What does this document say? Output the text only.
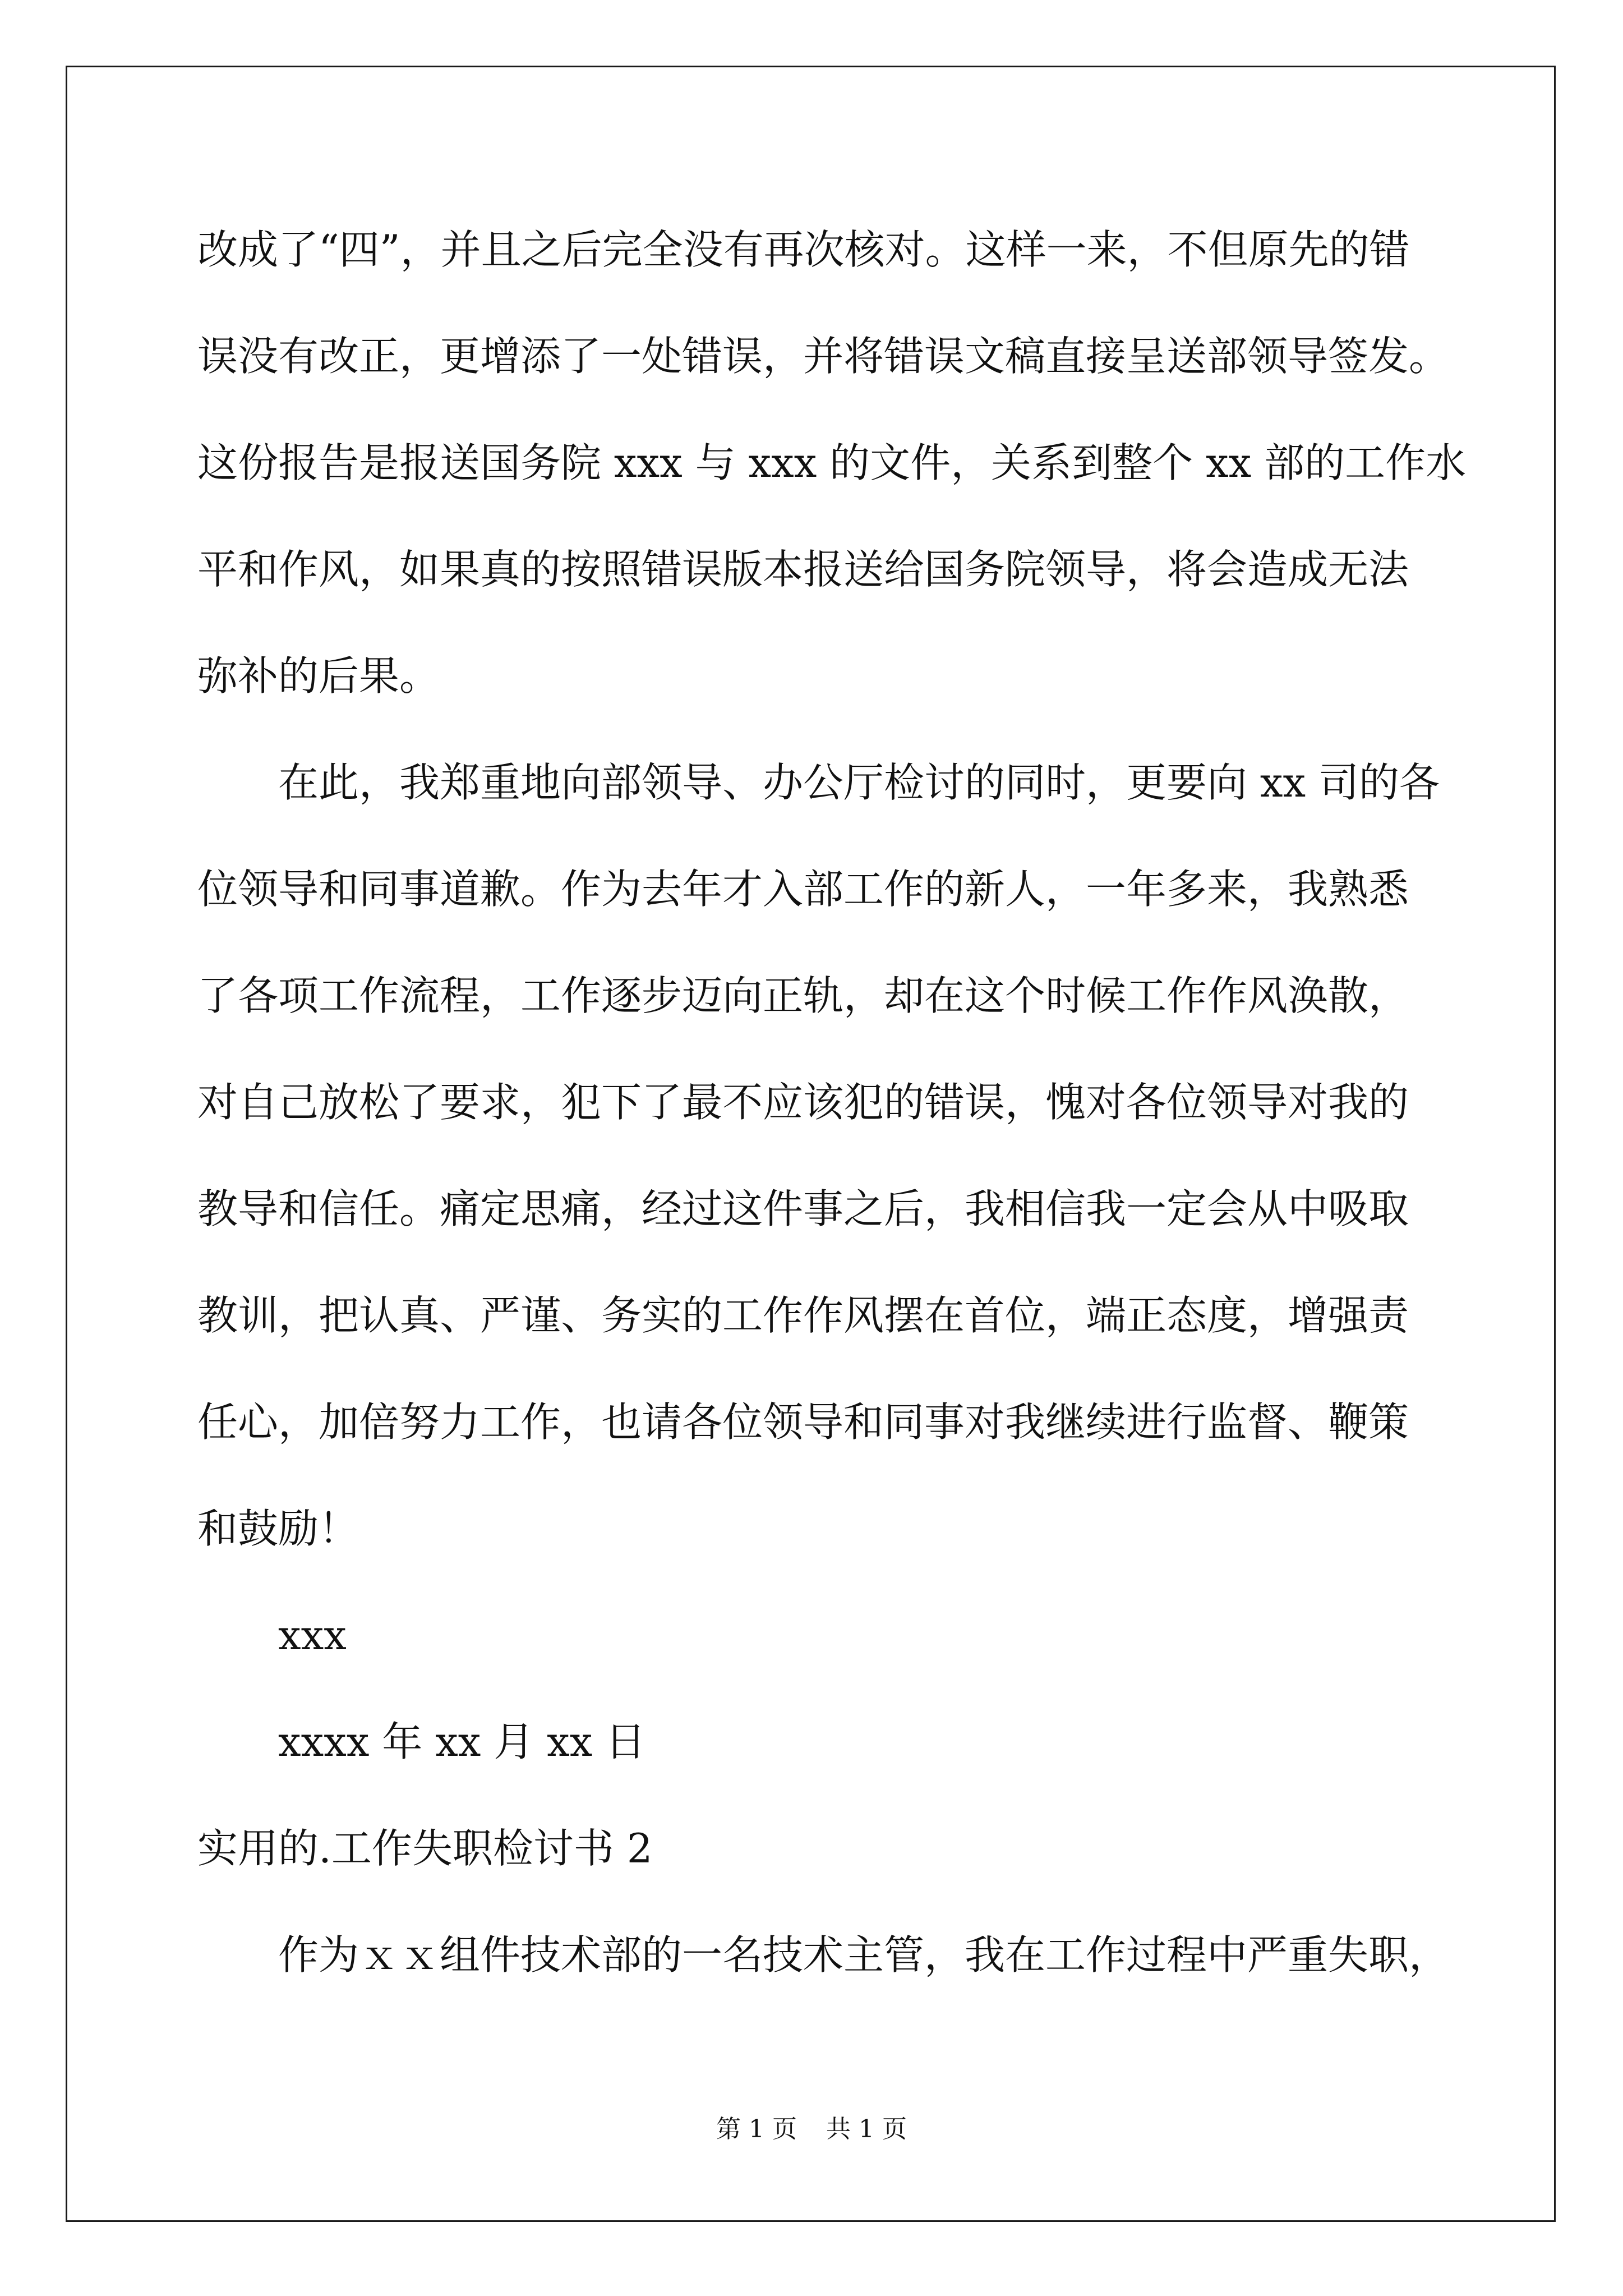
改成了“四”，并且之后完全没有再次核对。这样一来，不但原先的错

误没有改正，更增添了一处错误，并将错误文稿直接呈送部领导签发。

这份报告是报送国务院 xxx 与 xxx 的文件，关系到整个 xx 部的工作水

平和作风，如果真的按照错误版本报送给国务院领导，将会造成无法

弥补的后果。

在此，我郑重地向部领导、办公厅检讨的同时，更要向 xx 司的各

位领导和同事道歉。作为去年才入部工作的新人，一年多来，我熟悉

了各项工作流程，工作逐步迈向正轨，却在这个时候工作作风涣散，

对自己放松了要求，犯下了最不应该犯的错误，愧对各位领导对我的

教导和信任。痛定思痛，经过这件事之后，我相信我一定会从中吸取

教训，把认真、严谨、务实的工作作风摆在首位，端正态度，增强责

任心，加倍努力工作，也请各位领导和同事对我继续进行监督、鞭策

和鼓励！

xxx

xxxx 年 xx 月 xx 日

实用的.工作失职检讨书 2

作为ｘｘ组件技术部的一名技术主管，我在工作过程中严重失职，

第 1 页 共 1 页
